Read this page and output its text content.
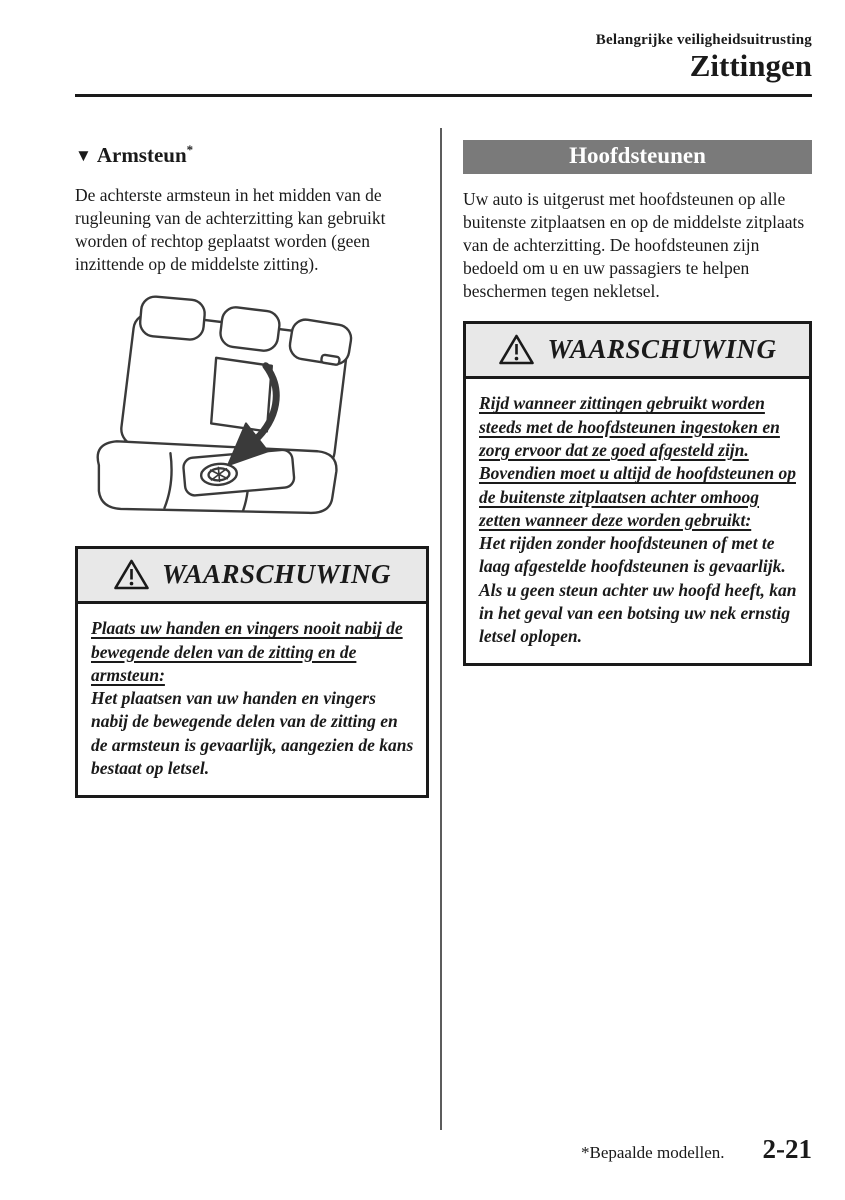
Belangrijke veiligheidsuitrusting
Zittingen
▼ Armsteun*

De achterste armsteun in het midden van de rugleuning van de achterzitting kan gebruikt worden of rechtop geplaatst worden (geen inzittende op de middelste zitting).

WAARSCHUWING
Plaats uw handen en vingers nooit nabij de bewegende delen van de zitting en de armsteun:
Het plaatsen van uw handen en vingers nabij de bewegende delen van de zitting en de armsteun is gevaarlijk, aangezien de kans bestaat op letsel.
Hoofdsteunen

Uw auto is uitgerust met hoofdsteunen op alle buitenste zitplaatsen en op de middelste zitplaats van de achterzitting. De hoofdsteunen zijn bedoeld om u en uw passagiers te helpen beschermen tegen nekletsel.

WAARSCHUWING
Rijd wanneer zittingen gebruikt worden steeds met de hoofdsteunen ingestoken en zorg ervoor dat ze goed afgesteld zijn. Bovendien moet u altijd de hoofdsteunen op de buitenste zitplaatsen achter omhoog zetten wanneer deze worden gebruikt:
Het rijden zonder hoofdsteunen of met te laag afgestelde hoofdsteunen is gevaarlijk. Als u geen steun achter uw hoofd heeft, kan in het geval van een botsing uw nek ernstig letsel oplopen.
*Bepaalde modellen. 2-21
